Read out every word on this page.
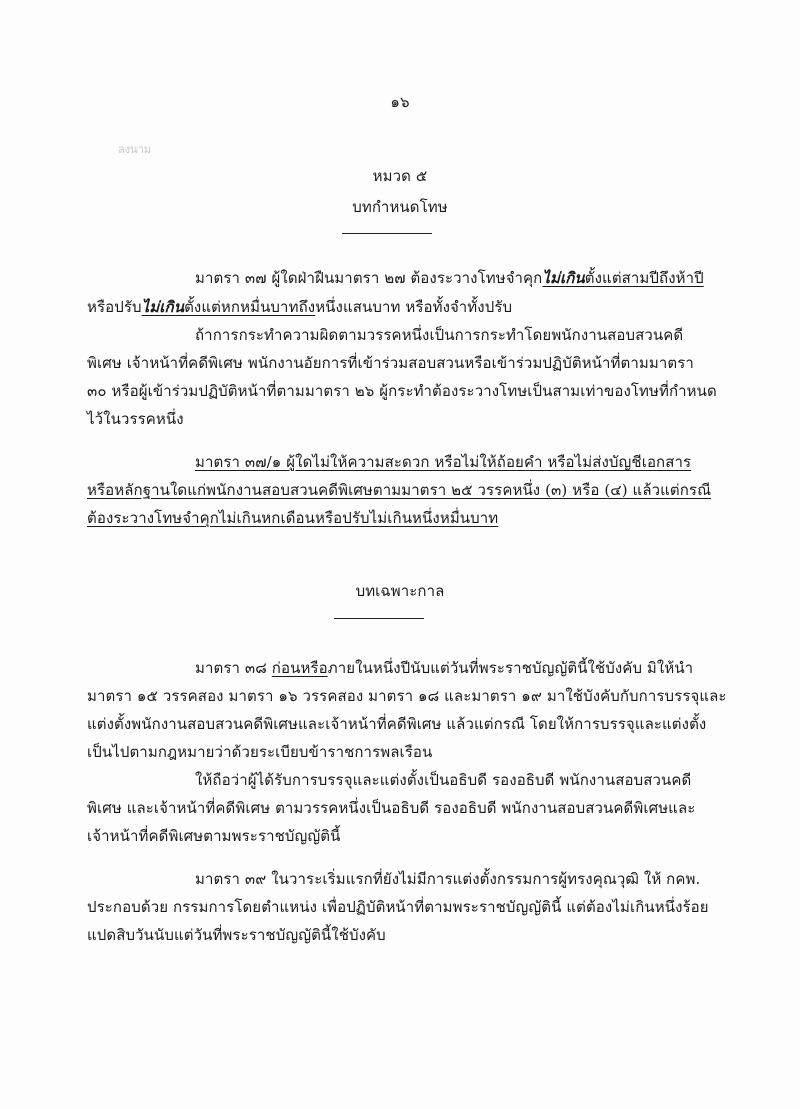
๑๖
ลงนาม
หมวด ๕
บทกำหนดโทษ
มาตรา ๓๗ ผู้ใดฝ่าฝืนมาตรา ๒๗ ต้องระวางโทษจำคุกไม่เกินตั้งแต่สามปีถึงห้าปี
หรือปรับไม่เกินตั้งแต่หกหมื่นบาทถึงหนึ่งแสนบาท หรือทั้งจำทั้งปรับ
ถ้าการกระทำความผิดตามวรรคหนึ่งเป็นการกระทำโดยพนักงานสอบสวนคดี
พิเศษ เจ้าหน้าที่คดีพิเศษ พนักงานอัยการที่เข้าร่วมสอบสวนหรือเข้าร่วมปฏิบัติหน้าที่ตามมาตรา
๓๐ หรือผู้เข้าร่วมปฏิบัติหน้าที่ตามมาตรา ๒๖ ผู้กระทำต้องระวางโทษเป็นสามเท่าของโทษที่กำหนด
ไว้ในวรรคหนึ่ง
มาตรา ๓๗/๑ ผู้ใดไม่ให้ความสะดวก หรือไม่ให้ถ้อยคำ หรือไม่ส่งบัญชีเอกสาร
หรือหลักฐานใดแก่พนักงานสอบสวนคดีพิเศษตามมาตรา ๒๕ วรรคหนึ่ง (๓) หรือ (๔) แล้วแต่กรณี
ต้องระวางโทษจำคุกไม่เกินหกเดือนหรือปรับไม่เกินหนึ่งหมื่นบาท
บทเฉพาะกาล
มาตรา ๓๘ ก่อนหรือภายในหนึ่งปีนับแต่วันที่พระราชบัญญัตินี้ใช้บังคับ มิให้นำ
มาตรา ๑๕ วรรคสอง มาตรา ๑๖ วรรคสอง มาตรา ๑๘ และมาตรา ๑๙ มาใช้บังคับกับการบรรจุและ
แต่งตั้งพนักงานสอบสวนคดีพิเศษและเจ้าหน้าที่คดีพิเศษ แล้วแต่กรณี โดยให้การบรรจุและแต่งตั้ง
เป็นไปตามกฎหมายว่าด้วยระเบียบข้าราชการพลเรือน
ให้ถือว่าผู้ได้รับการบรรจุและแต่งตั้งเป็นอธิบดี รองอธิบดี พนักงานสอบสวนคดี
พิเศษ และเจ้าหน้าที่คดีพิเศษ ตามวรรคหนึ่งเป็นอธิบดี รองอธิบดี พนักงานสอบสวนคดีพิเศษและ
เจ้าหน้าที่คดีพิเศษตามพระราชบัญญัตินี้
มาตรา ๓๙ ในวาระเริ่มแรกที่ยังไม่มีการแต่งตั้งกรรมการผู้ทรงคุณวุฒิ ให้ กคพ.
ประกอบด้วย กรรมการโดยตำแหน่ง เพื่อปฏิบัติหน้าที่ตามพระราชบัญญัตินี้ แต่ต้องไม่เกินหนึ่งร้อย
แปดสิบวันนับแต่วันที่พระราชบัญญัตินี้ใช้บังคับ
